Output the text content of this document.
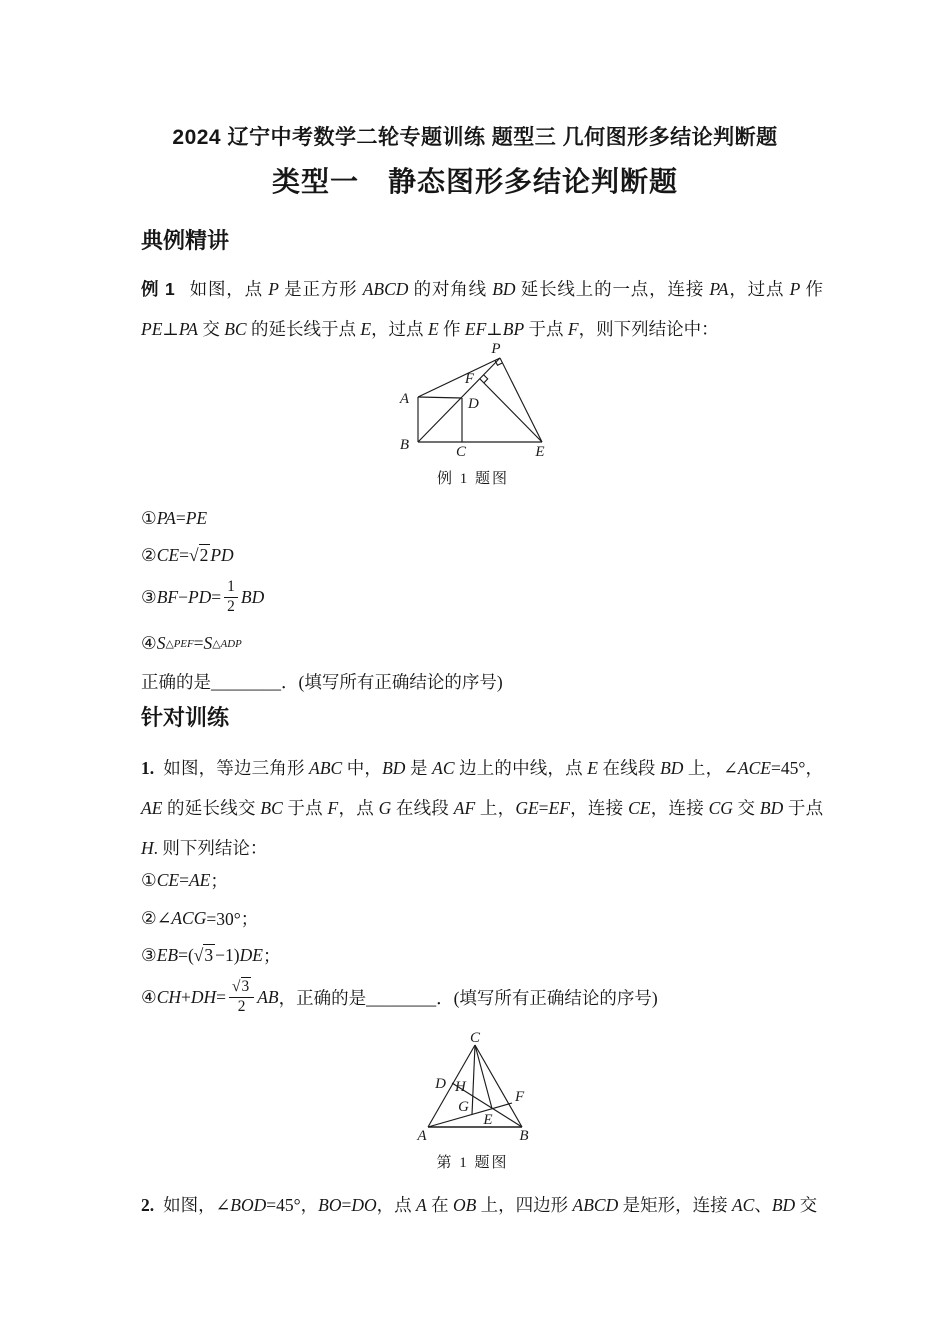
2024 辽宁中考数学二轮专题训练 题型三 几何图形多结论判断题
类型一　静态图形多结论判断题
典例精讲
例 1 如图，点 P 是正方形 ABCD 的对角线 BD 延长线上的一点，连接 PA，过点 P 作 PE⊥PA 交 BC 的延长线于点 E，过点 E 作 EF⊥BP 于点 F，则下列结论中：
A
B	C
D
E
F
P
例 1 题图
① PA = PE
② CE = √2 PD
③ BF − PD = $\frac{1}{2}$ BD
④ S △PEF = S △ADP
正确的是________．(填写所有正确结论的序号)
针对训练
1. 如图，等边三角形 ABC 中，BD 是 AC 边上的中线，点 E 在线段 BD 上，∠ACE=45°，AE 的延长线交 BC 于点 F，点 G 在线段 AF 上，GE=EF，连接 CE，连接 CG 交 BD 于点 H. 则下列结论：
① CE = AE ；
②∠ ACG =30°；
③ EB =( √3 −1) DE ；
④ CH + DH = $\frac{√3}{2}$ AB ，正确的是________．(填写所有正确结论的序号)
C
A	B
D H
G
E
F
第 1 题图
2. 如图，∠BOD=45°，BO=DO，点 A 在 OB 上，四边形 ABCD 是矩形，连接 AC、BD 交
